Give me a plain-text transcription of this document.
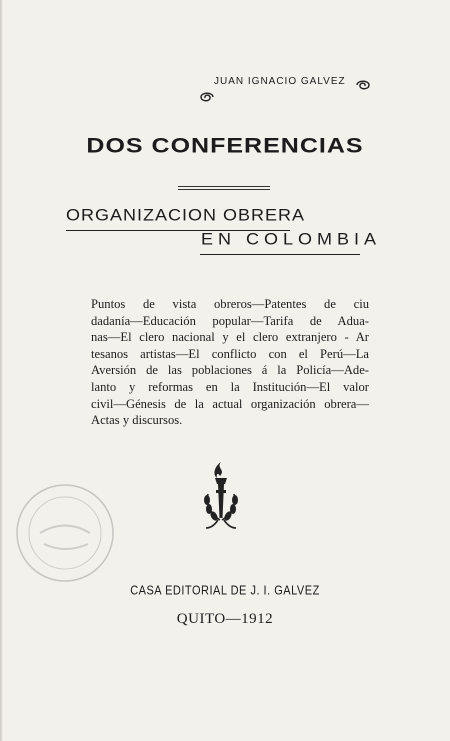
JUAN IGNACIO GALVEZ
DOS CONFERENCIAS
ORGANIZACION OBRERA
EN COLOMBIA
Puntos de vista obreros—Patentes de ciu
dadanía—Educación popular—Tarifa de Adua-
nas—El clero nacional y el clero extranjero - Ar
tesanos artistas—El conflicto con el Perú—La
Aversión de las poblaciones á la Policía—Ade-
lanto y reformas en la Institución—El valor
civil—Génesis de la actual organización obrera—
Actas y discursos.
CASA EDITORIAL DE J. I. GALVEZ
QUITO—1912
